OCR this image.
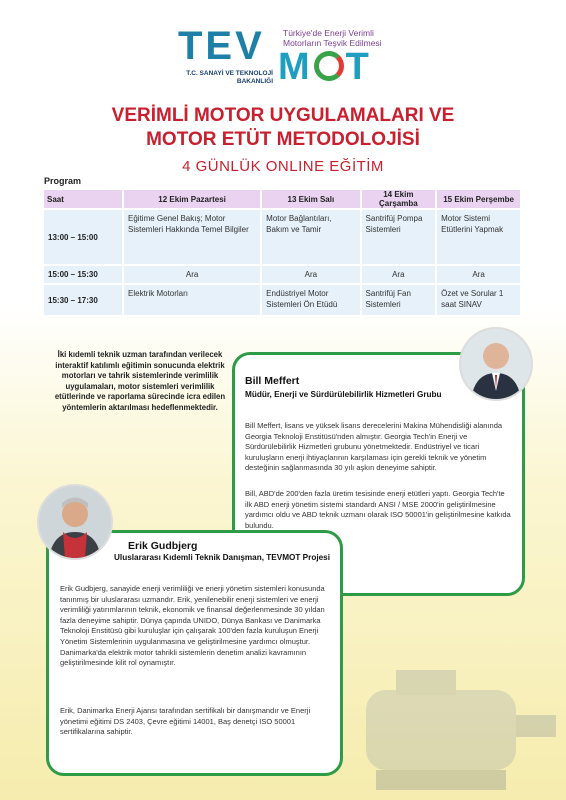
TEV Türkiye'de Enerji Verimli Motorların Teşvik Edilmesi
M T
T.C. SANAYİ VE TEKNOLOJİ BAKANLIĞI
VERİMLİ MOTOR UYGULAMALARI VE
MOTOR ETÜT METODOLOJİSİ
4 GÜNLÜK ONLINE EĞİTİM
Program
Saat	12 Ekim Pazartesi	13 Ekim Salı	14 Ekim Çarşamba	15 Ekim Perşembe
13:00 – 15:00	Eğitime Genel Bakış; Motor Sistemleri Hakkında Temel Bilgiler	Motor Bağlantıları, Bakım ve Tamir	Santrifüj Pompa Sistemleri	Motor Sistemi Etütlerini Yapmak
15:00 – 15:30	Ara	Ara	Ara	Ara
15:30 – 17:30	Elektrik Motorları	Endüstriyel Motor Sistemleri Ön Etüdü	Santrifüj Fan Sistemleri	Özet ve Sorular 1 saat SINAV
İki kıdemli teknik uzman tarafından verilecek interaktif katılımlı eğitimin sonucunda elektrik motorları ve tahrik sistemlerinde verimlilik uygulamaları, motor sistemleri verimlilik etütlerinde ve raporlama sürecinde icra edilen yöntemlerin aktarılması hedeflenmektedir.
Bill Meffert
Müdür, Enerji ve Sürdürülebilirlik Hizmetleri Grubu
Bill Meffert, lisans ve yüksek lisans derecelerini Makina Mühendisliği alanında Georgia Teknoloji Enstitüsü'nden almıştır. Georgia Tech'in Enerji ve Sürdürülebilirlik Hizmetleri grubunu yönetmektedir. Endüstriyel ve ticari kuruluşların enerji ihtiyaçlarının karşılaması için gerekli teknik ve yönetim desteğinin sağlanmasında 30 yılı aşkın deneyime sahiptir.
Bill, ABD'de 200'den fazla üretim tesisinde enerji etütleri yaptı. Georgia Tech'te ilk ABD enerji yönetim sistemi standardı ANSI / MSE 2000'in geliştirilmesine yardımcı oldu ve ABD teknik uzmanı olarak ISO 50001'in geliştirilmesine katkıda bulundu.
Erik Gudbjerg
Uluslararası Kıdemli Teknik Danışman, TEVMOT Projesi
Erik Gudbjerg, sanayide enerji verimliliği ve enerji yönetim sistemleri konusunda tanınmış bir uluslararası uzmandır. Erik, yenilenebilir enerji sistemleri ve enerji verimliliği yatırımlarının teknik, ekonomik ve finansal değerlenmesinde 30 yıldan fazla deneyime sahiptir. Dünya çapında UNIDO, Dünya Bankası ve Danimarka Teknoloji Enstitüsü gibi kuruluşlar için çalışarak 100'den fazla kuruluşun Enerji Yönetim Sistemlerinin uygulanmasına ve geliştirilmesine yardımcı olmuştur. Danimarka'da elektrik motor tahrikli sistemlerin denetim analizi kavramının geliştirilmesinde kilit rol oynamıştır.
Erik, Danimarka Enerji Ajansı tarafından sertifikalı bir danışmandır ve Enerji yönetimi eğitimi DS 2403, Çevre eğitimi 14001, Baş denetçi ISO 50001 sertifikalarına sahiptir.
